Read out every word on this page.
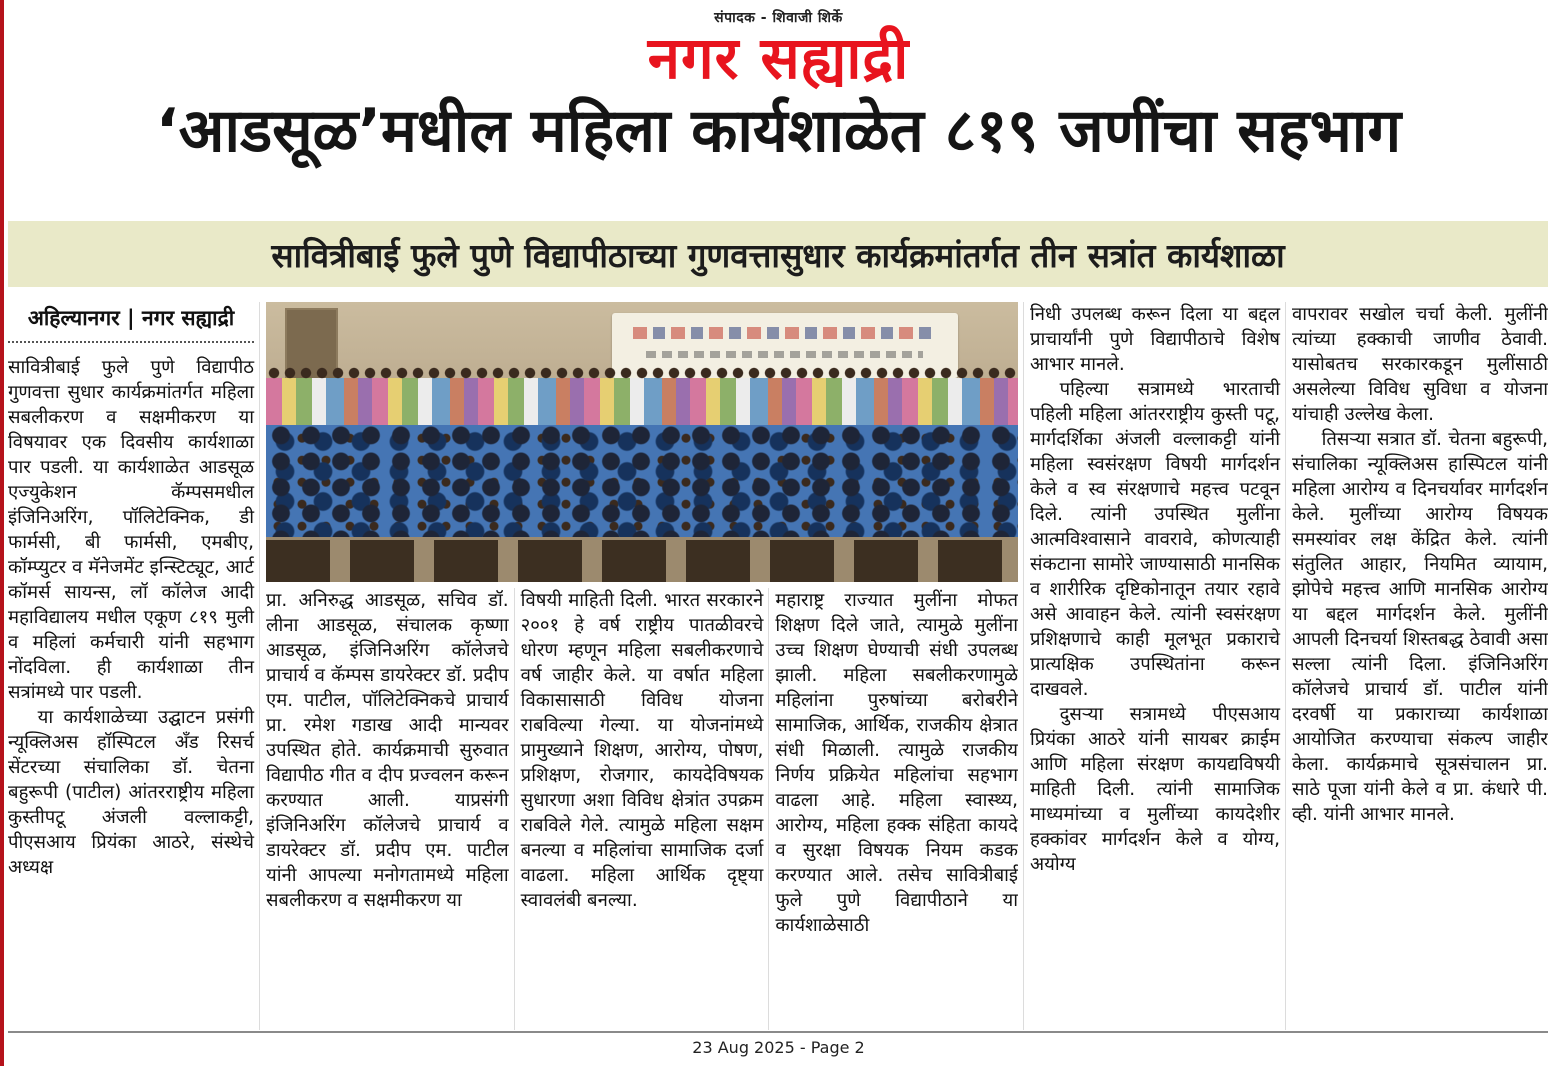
संपादक - शिवाजी शिर्के
नगर सह्याद्री
‘आडसूळ’मधील महिला कार्यशाळेत ८१९ जणींचा सहभाग
सावित्रीबाई फुले पुणे विद्यापीठाच्या गुणवत्तासुधार कार्यक्रमांतर्गत तीन सत्रांत कार्यशाळा
अहिल्यानगर | नगर सह्याद्री

सावित्रीबाई फुले पुणे विद्यापीठ गुणवत्ता सुधार कार्यक्रमांतर्गत महिला सबलीकरण व सक्षमीकरण या विषयावर एक दिवसीय कार्यशाळा पार पडली. या कार्यशाळेत आडसूळ एज्युकेशन कॅम्पसमधील इंजिनिअरिंग, पॉलिटेक्निक, डी फार्मसी, बी फार्मसी, एमबीए, कॉम्प्युटर व मॅनेजमेंट इन्स्टिट्यूट, आर्ट कॉमर्स सायन्स, लॉ कॉलेज आदी महाविद्यालय मधील एकूण ८१९ मुली व महिलां कर्मचारी यांनी सहभाग नोंदविला. ही कार्यशाळा तीन सत्रांमध्ये पार पडली.

या कार्यशाळेच्या उद्घाटन प्रसंगी न्यूक्लिअस हॉस्पिटल अँड रिसर्च सेंटरच्या संचालिका डॉ. चेतना बहुरूपी (पाटील) आंतरराष्ट्रीय महिला कुस्तीपटू अंजली वल्लाकट्टी, पीएसआय प्रियंका आठरे, संस्थेचे अध्यक्ष

प्रा. अनिरुद्ध आडसूळ, सचिव डॉ. लीना आडसूळ, संचालक कृष्णा आडसूळ, इंजिनिअरिंग कॉलेजचे प्राचार्य व कॅम्पस डायरेक्टर डॉ. प्रदीप एम. पाटील, पॉलिटेक्निकचे प्राचार्य प्रा. रमेश गडाख आदी मान्यवर उपस्थित होते. कार्यक्रमाची सुरुवात विद्यापीठ गीत व दीप प्रज्वलन करून करण्यात आली. याप्रसंगी इंजिनिअरिंग कॉलेजचे प्राचार्य व डायरेक्टर डॉ. प्रदीप एम. पाटील यांनी आपल्या मनोगतामध्ये महिला सबलीकरण व सक्षमीकरण या

विषयी माहिती दिली. भारत सरकारने २००१ हे वर्ष राष्ट्रीय पातळीवरचे धोरण म्हणून महिला सबलीकरणाचे वर्ष जाहीर केले. या वर्षात महिला विकासासाठी विविध योजना राबविल्या गेल्या. या योजनांमध्ये प्रामुख्याने शिक्षण, आरोग्य, पोषण, प्रशिक्षण, रोजगार, कायदेविषयक सुधारणा अशा विविध क्षेत्रांत उपक्रम राबविले गेले. त्यामुळे महिला सक्षम बनल्या व महिलांचा सामाजिक दर्जा वाढला. महिला आर्थिक दृष्ट्या स्वावलंबी बनल्या.

महाराष्ट्र राज्यात मुलींना मोफत शिक्षण दिले जाते, त्यामुळे मुलींना उच्च शिक्षण घेण्याची संधी उपलब्ध झाली. महिला सबलीकरणामुळे महिलांना पुरुषांच्या बरोबरीने सामाजिक, आर्थिक, राजकीय क्षेत्रात संधी मिळाली. त्यामुळे राजकीय निर्णय प्रक्रियेत महिलांचा सहभाग वाढला आहे. महिला स्वास्थ्य, आरोग्य, महिला हक्क संहिता कायदे व सुरक्षा विषयक नियम कडक करण्यात आले. तसेच सावित्रीबाई फुले पुणे विद्यापीठाने या कार्यशाळेसाठी

निधी उपलब्ध करून दिला या बद्दल प्राचार्यांनी पुणे विद्यापीठाचे विशेष आभार मानले.

पहिल्या सत्रामध्ये भारताची पहिली महिला आंतरराष्ट्रीय कुस्ती पटू, मार्गदर्शिका अंजली वल्लाकट्टी यांनी महिला स्वसंरक्षण विषयी मार्गदर्शन केले व स्व संरक्षणाचे महत्त्व पटवून दिले. त्यांनी उपस्थित मुलींना आत्मविश्वासाने वावरावे, कोणत्याही संकटाना सामोरे जाण्यासाठी मानसिक व शारीरिक दृष्टिकोनातून तयार रहावे असे आवाहन केले. त्यांनी स्वसंरक्षण प्रशिक्षणाचे काही मूलभूत प्रकाराचे प्रात्यक्षिक उपस्थितांना करून दाखवले.

दुसऱ्या सत्रामध्ये पीएसआय प्रियंका आठरे यांनी सायबर क्राईम आणि महिला संरक्षण कायद्यविषयी माहिती दिली. त्यांनी सामाजिक माध्यमांच्या व मुलींच्या कायदेशीर हक्कांवर मार्गदर्शन केले व योग्य, अयोग्य

वापरावर सखोल चर्चा केली. मुलींनी त्यांच्या हक्काची जाणीव ठेवावी. यासोबतच सरकारकडून मुलींसाठी असलेल्या विविध सुविधा व योजना यांचाही उल्लेख केला.

तिसऱ्या सत्रात डॉ. चेतना बहुरूपी, संचालिका न्यूक्लिअस हास्पिटल यांनी महिला आरोग्य व दिनचर्यावर मार्गदर्शन केले. मुलींच्या आरोग्य विषयक समस्यांवर लक्ष केंद्रित केले. त्यांनी संतुलित आहार, नियमित व्यायाम, झोपेचे महत्त्व आणि मानसिक आरोग्य या बद्दल मार्गदर्शन केले. मुलींनी आपली दिनचर्या शिस्तबद्ध ठेवावी असा सल्ला त्यांनी दिला. इंजिनिअरिंग कॉलेजचे प्राचार्य डॉ. पाटील यांनी दरवर्षी या प्रकाराच्या कार्यशाळा आयोजित करण्याचा संकल्प जाहीर केला. कार्यक्रमाचे सूत्रसंचालन प्रा. साठे पूजा यांनी केले व प्रा. कंधारे पी. व्ही. यांनी आभार मानले.

23 Aug 2025 - Page 2
